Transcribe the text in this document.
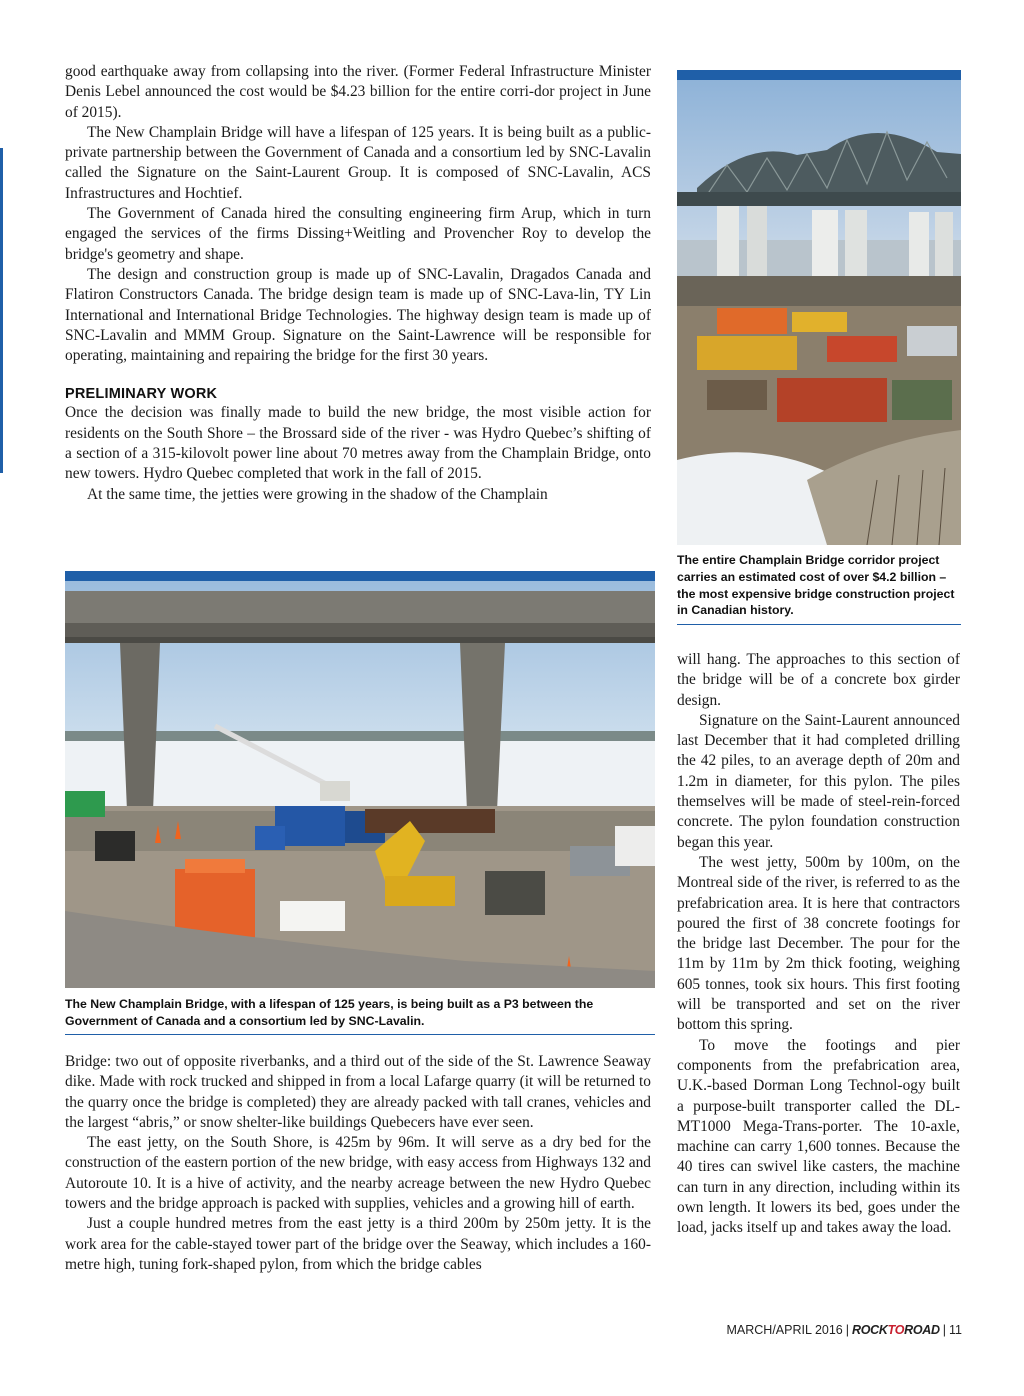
good earthquake away from collapsing into the river. (Former Federal Infrastructure Minister Denis Lebel announced the cost would be $4.23 billion for the entire corri-dor project in June of 2015).

The New Champlain Bridge will have a lifespan of 125 years. It is being built as a public-private partnership between the Government of Canada and a consortium led by SNC-Lavalin called the Signature on the Saint-Laurent Group. It is composed of SNC-Lavalin, ACS Infrastructures and Hochtief.

The Government of Canada hired the consulting engineering firm Arup, which in turn engaged the services of the firms Dissing+Weitling and Provencher Roy to develop the bridge's geometry and shape.

The design and construction group is made up of SNC-Lavalin, Dragados Canada and Flatiron Constructors Canada. The bridge design team is made up of SNC-Lava-lin, TY Lin International and International Bridge Technologies. The highway design team is made up of SNC-Lavalin and MMM Group. Signature on the Saint-Lawrence will be responsible for operating, maintaining and repairing the bridge for the first 30 years.

PRELIMINARY WORK

Once the decision was finally made to build the new bridge, the most visible action for residents on the South Shore – the Brossard side of the river - was Hydro Quebec’s shifting of a section of a 315-kilovolt power line about 70 metres away from the Champlain Bridge, onto new towers. Hydro Quebec completed that work in the fall of 2015.

At the same time, the jetties were growing in the shadow of the Champlain

The entire Champlain Bridge corridor project carries an estimated cost of over $4.2 billion – the most expensive bridge construction project in Canadian history.
The New Champlain Bridge, with a lifespan of 125 years, is being built as a P3 between the Government of Canada and a consortium led by SNC-Lavalin.

Bridge: two out of opposite riverbanks, and a third out of the side of the St. Lawrence Seaway dike. Made with rock trucked and shipped in from a local Lafarge quarry (it will be returned to the quarry once the bridge is completed) they are already packed with tall cranes, vehicles and the largest “abris,” or snow shelter-like buildings Quebecers have ever seen.

The east jetty, on the South Shore, is 425m by 96m. It will serve as a dry bed for the construction of the eastern portion of the new bridge, with easy access from Highways 132 and Autoroute 10. It is a hive of activity, and the nearby acreage between the new Hydro Quebec towers and the bridge approach is packed with supplies, vehicles and a growing hill of earth.

Just a couple hundred metres from the east jetty is a third 200m by 250m jetty. It is the work area for the cable-stayed tower part of the bridge over the Seaway, which includes a 160-metre high, tuning fork-shaped pylon, from which the bridge cables

will hang. The approaches to this section of the bridge will be of a concrete box girder design.

Signature on the Saint-Laurent announced last December that it had completed drilling the 42 piles, to an average depth of 20m and 1.2m in diameter, for this pylon. The piles themselves will be made of steel-rein-forced concrete. The pylon foundation construction began this year.

The west jetty, 500m by 100m, on the Montreal side of the river, is referred to as the prefabrication area. It is here that contractors poured the first of 38 concrete footings for the bridge last December. The pour for the 11m by 11m by 2m thick footing, weighing 605 tonnes, took six hours. This first footing will be transported and set on the river bottom this spring.

To move the footings and pier components from the prefabrication area, U.K.-based Dorman Long Technol-ogy built a purpose-built transporter called the DL-MT1000 Mega-Trans-porter. The 10-axle, machine can carry 1,600 tonnes. Because the 40 tires can swivel like casters, the machine can turn in any direction, including within its own length. It lowers its bed, goes under the load, jacks itself up and takes away the load.

MARCH/APRIL 2016 | ROCKTOROAD | 11
